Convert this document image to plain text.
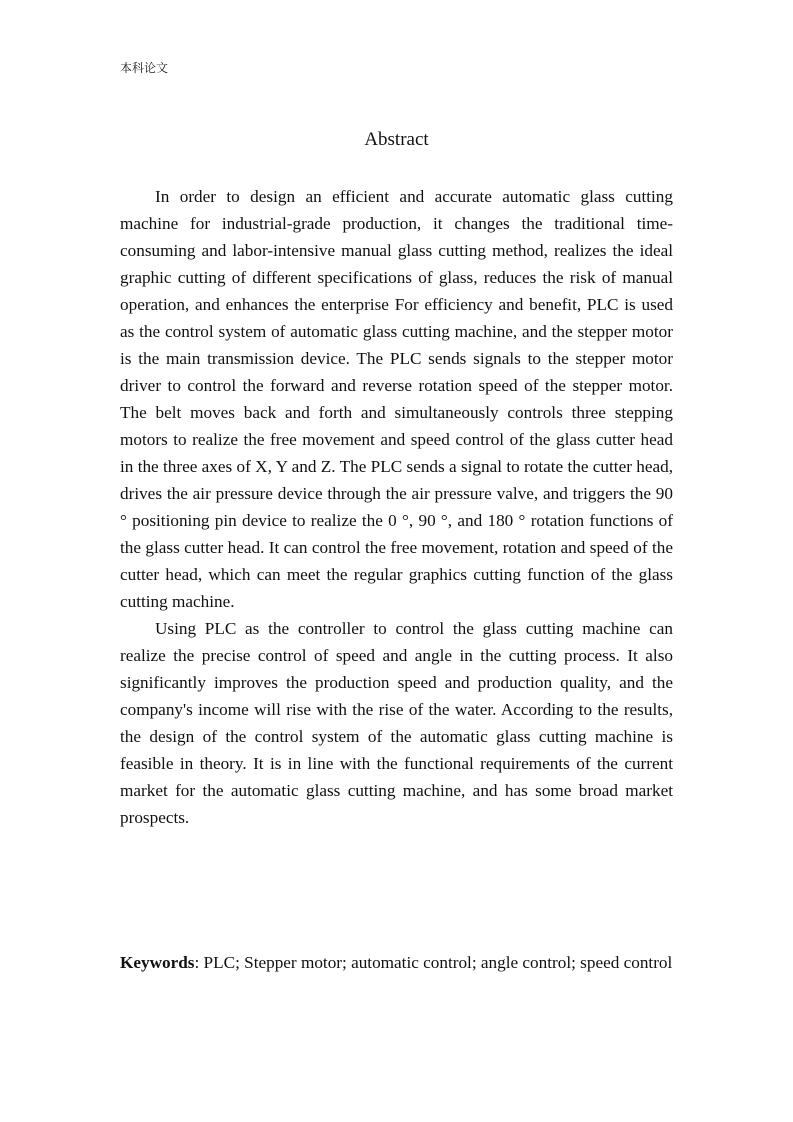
本科论文
Abstract

In order to design an efficient and accurate automatic glass cutting machine for industrial-grade production, it changes the traditional time-consuming and labor-intensive manual glass cutting method, realizes the ideal graphic cutting of different specifications of glass, reduces the risk of manual operation, and enhances the enterprise For efficiency and benefit, PLC is used as the control system of automatic glass cutting machine, and the stepper motor is the main transmission device. The PLC sends signals to the stepper motor driver to control the forward and reverse rotation speed of the stepper motor. The belt moves back and forth and simultaneously controls three stepping motors to realize the free movement and speed control of the glass cutter head in the three axes of X, Y and Z. The PLC sends a signal to rotate the cutter head, drives the air pressure device through the air pressure valve, and triggers the 90 ° positioning pin device to realize the 0 °, 90 °, and 180 ° rotation functions of the glass cutter head. It can control the free movement, rotation and speed of the cutter head, which can meet the regular graphics cutting function of the glass cutting machine.

Using PLC as the controller to control the glass cutting machine can realize the precise control of speed and angle in the cutting process. It also significantly improves the production speed and production quality, and the company's income will rise with the rise of the water. According to the results, the design of the control system of the automatic glass cutting machine is feasible in theory. It is in line with the functional requirements of the current market for the automatic glass cutting machine, and has some broad market prospects.

Keywords: PLC; Stepper motor; automatic control; angle control; speed control
